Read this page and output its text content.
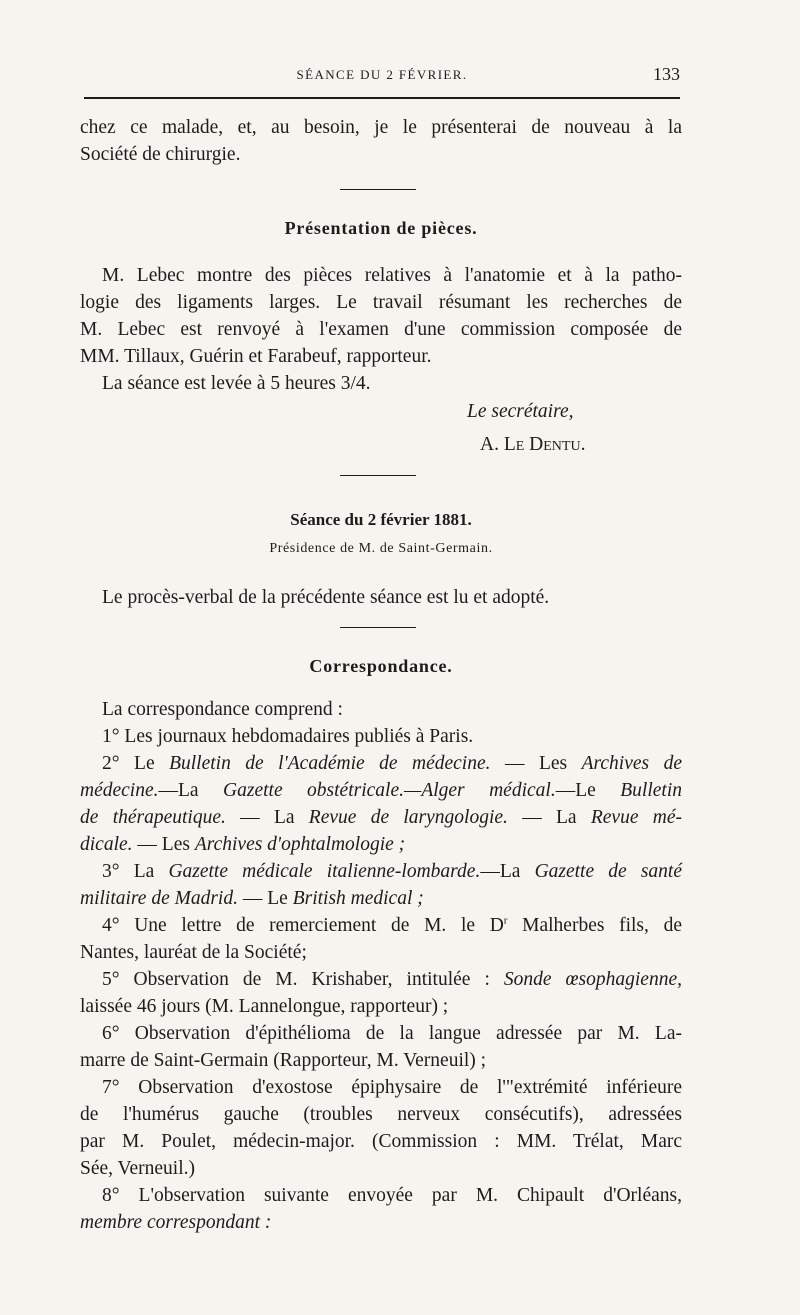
SÉANCE DU 2 FÉVRIER.	133

chez ce malade, et, au besoin, je le présenterai de nouveau à la
Société de chirurgie.

Présentation de pièces.

M. Lebec montre des pièces relatives à l'anatomie et à la patho-
logie des ligaments larges. Le travail résumant les recherches de
M. Lebec est renvoyé à l'examen d'une commission composée de
MM. Tillaux, Guérin et Farabeuf, rapporteur.

La séance est levée à 5 heures 3/4.

Le secrétaire,
A. Le Dentu.
Séance du 2 février 1881.
Présidence de M. de Saint-Germain.

Le procès-verbal de la précédente séance est lu et adopté.

Correspondance.

La correspondance comprend :
1° Les journaux hebdomadaires publiés à Paris.
2° Le Bulletin de l'Académie de médecine. — Les Archives de
médecine.—La Gazette obstétricale.—Alger médical.—Le Bulletin
de thérapeutique. — La Revue de laryngologie. — La Revue mé-
dicale. — Les Archives d'ophtalmologie ;
3° La Gazette médicale italienne-lombarde.—La Gazette de santé
militaire de Madrid. — Le British medical ;
4° Une lettre de remerciement de M. le $D^r$ Malherbes fils, de
Nantes, lauréat de la Société;
5° Observation de M. Krishaber, intitulée : Sonde œsophagienne,
laissée 46 jours (M. Lannelongue, rapporteur) ;
6° Observation d'épithélioma de la langue adressée par M. La-
marre de Saint-Germain (Rapporteur, M. Verneuil) ;
7° Observation d'exostose épiphysaire de l'"extrémité inférieure
de l'humérus gauche (troubles nerveux consécutifs), adressées
par M. Poulet, médecin-major. (Commission : MM. Trélat, Marc
Sée, Verneuil.)
8° L'observation suivante envoyée par M. Chipault d'Orléans,
membre correspondant :
